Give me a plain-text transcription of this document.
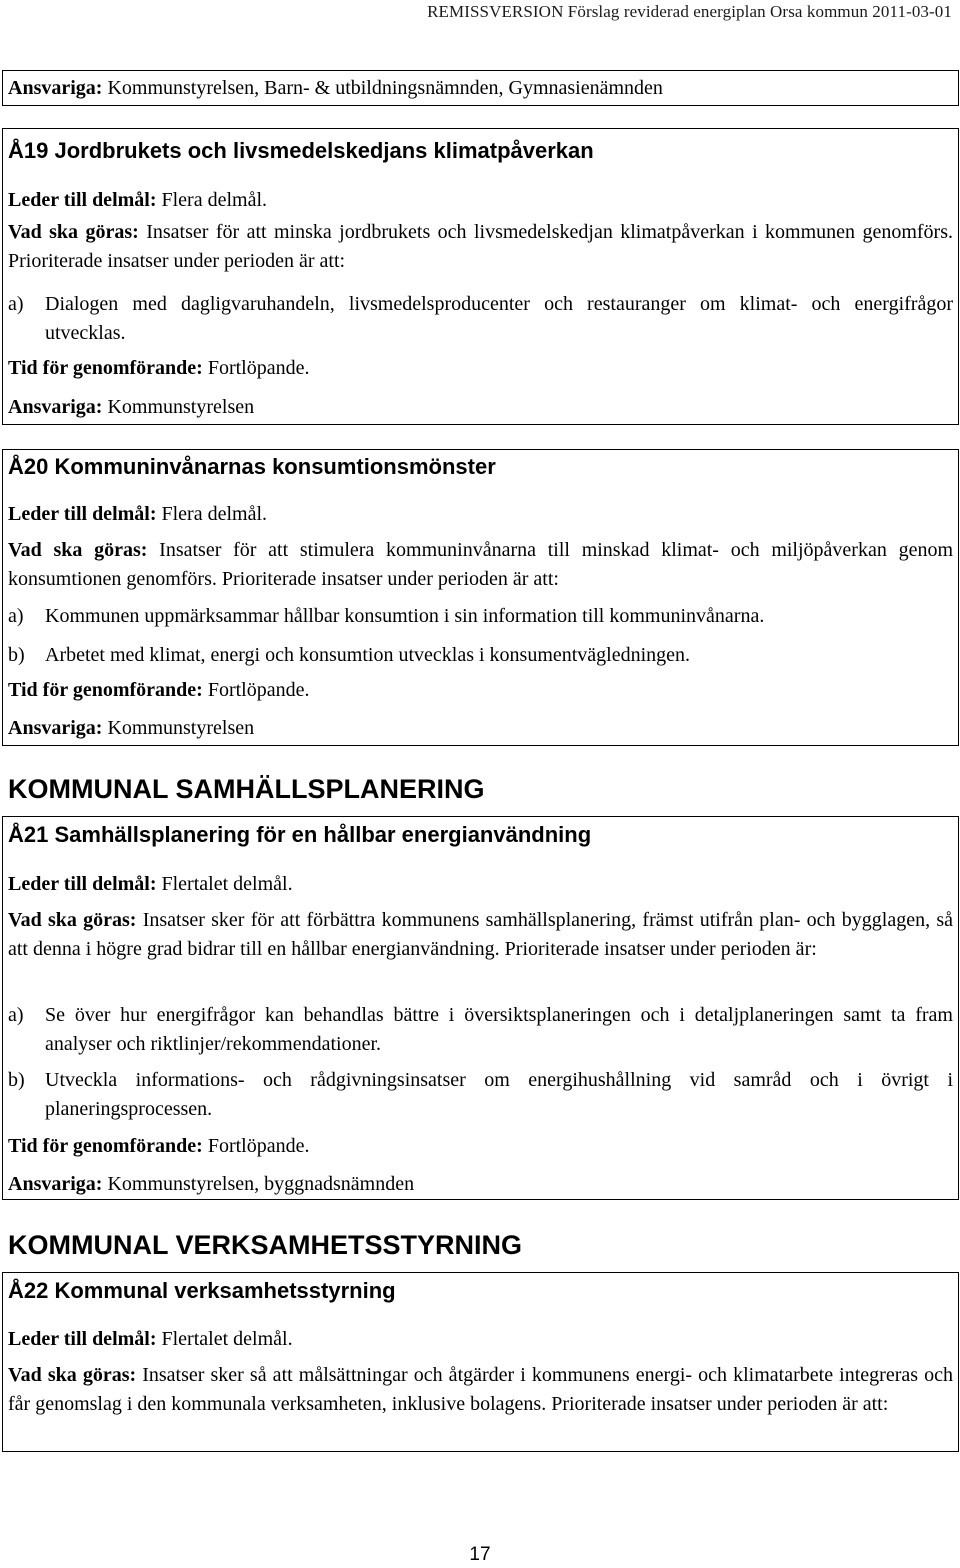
REMISSVERSION Förslag reviderad energiplan Orsa kommun 2011-03-01
Ansvariga: Kommunstyrelsen, Barn- & utbildningsnämnden, Gymnasienämnden
Å19 Jordbrukets och livsmedelskedjans klimatpåverkan
Leder till delmål: Flera delmål.
Vad ska göras: Insatser för att minska jordbrukets och livsmedelskedjan klimatpåverkan i kommunen genomförs. Prioriterade insatser under perioden är att:
a) Dialogen med dagligvaruhandeln, livsmedelsproducenter och restauranger om klimat- och energifrågor utvecklas.
Tid för genomförande: Fortlöpande.
Ansvariga: Kommunstyrelsen
Å20 Kommuninvånarnas konsumtionsmönster
Leder till delmål: Flera delmål.
Vad ska göras: Insatser för att stimulera kommuninvånarna till minskad klimat- och miljöpåverkan genom konsumtionen genomförs. Prioriterade insatser under perioden är att:
a) Kommunen uppmärksammar hållbar konsumtion i sin information till kommuninvånarna.
b) Arbetet med klimat, energi och konsumtion utvecklas i konsumentvägledningen.
Tid för genomförande: Fortlöpande.
Ansvariga: Kommunstyrelsen
KOMMUNAL SAMHÄLLSPLANERING
Å21 Samhällsplanering för en hållbar energianvändning
Leder till delmål: Flertalet delmål.
Vad ska göras: Insatser sker för att förbättra kommunens samhällsplanering, främst utifrån plan- och bygglagen, så att denna i högre grad bidrar till en hållbar energianvändning. Prioriterade insatser under perioden är:
a) Se över hur energifrågor kan behandlas bättre i översiktsplaneringen och i detaljplaneringen samt ta fram analyser och riktlinjer/rekommendationer.
b) Utveckla informations- och rådgivningsinsatser om energihushållning vid samråd och i övrigt i planeringsprocessen.
Tid för genomförande: Fortlöpande.
Ansvariga: Kommunstyrelsen, byggnadsnämnden
KOMMUNAL VERKSAMHETSSTYRNING
Å22 Kommunal verksamhetsstyrning
Leder till delmål: Flertalet delmål.
Vad ska göras: Insatser sker så att målsättningar och åtgärder i kommunens energi- och klimatarbete integreras och får genomslag i den kommunala verksamheten, inklusive bolagens. Prioriterade insatser under perioden är att:
17
